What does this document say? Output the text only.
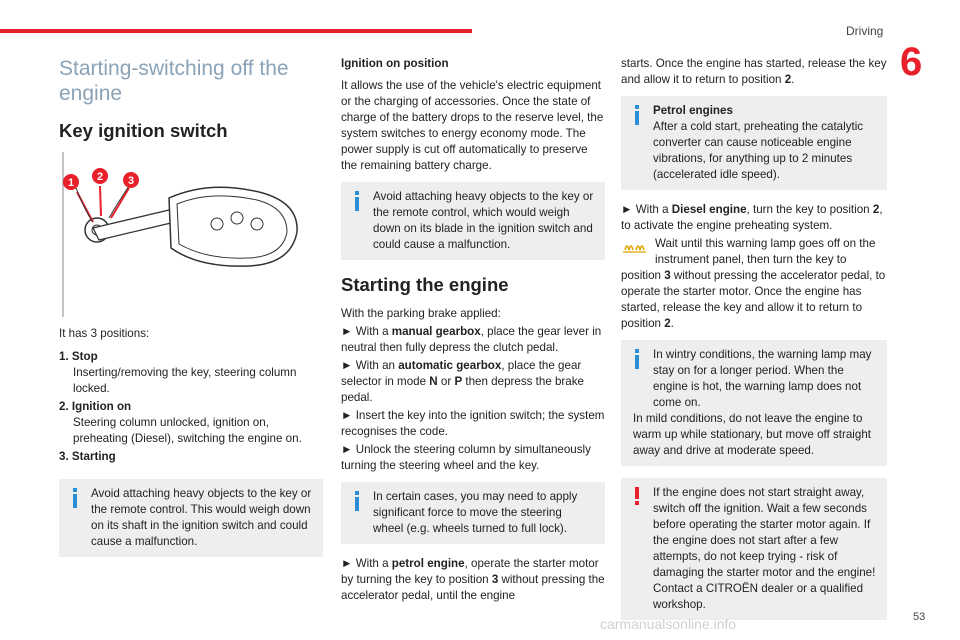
Driving
6
Starting-switching off the engine
Key ignition switch
1 2 3

It has 3 positions:

1. Stop
Inserting/removing the key, steering column locked.
2. Ignition on
Steering column unlocked, ignition on, preheating (Diesel), switching the engine on.
3. Starting
Avoid attaching heavy objects to the key or the remote control. This would weigh down on its shaft in the ignition switch and could cause a malfunction.

Ignition on position

It allows the use of the vehicle's electric equipment or the charging of accessories. Once the state of charge of the battery drops to the reserve level, the system switches to energy economy mode. The power supply is cut off automatically to preserve the remaining battery charge.

Avoid attaching heavy objects to the key or the remote control, which would weigh down on its blade in the ignition switch and could cause a malfunction.
Starting the engine

With the parking brake applied:

► With a manual gearbox, place the gear lever in neutral then fully depress the clutch pedal.

► With an automatic gearbox, place the gear selector in mode N or P then depress the brake pedal.

► Insert the key into the ignition switch; the system recognises the code.

► Unlock the steering column by simultaneously turning the steering wheel and the key.

In certain cases, you may need to apply significant force to move the steering wheel (e.g. wheels turned to full lock).

► With a petrol engine, operate the starter motor by turning the key to position 3 without pressing the accelerator pedal, until the engine

starts. Once the engine has started, release the key and allow it to return to position 2.

Petrol engines
After a cold start, preheating the catalytic converter can cause noticeable engine vibrations, for anything up to 2 minutes (accelerated idle speed).

► With a Diesel engine, turn the key to position 2, to activate the engine preheating system.

Wait until this warning lamp goes off on the instrument panel, then turn the key to position 3 without pressing the accelerator pedal, to operate the starter motor. Once the engine has started, release the key and allow it to return to position 2.

In wintry conditions, the warning lamp may stay on for a longer period. When the engine is hot, the warning lamp does not come on.
In mild conditions, do not leave the engine to warm up while stationary, but move off straight away and drive at moderate speed.
If the engine does not start straight away, switch off the ignition. Wait a few seconds before operating the starter motor again. If the engine does not start after a few attempts, do not keep trying - risk of damaging the starter motor and the engine! Contact a CITROËN dealer or a qualified workshop.
carmanualsonline.info	53
